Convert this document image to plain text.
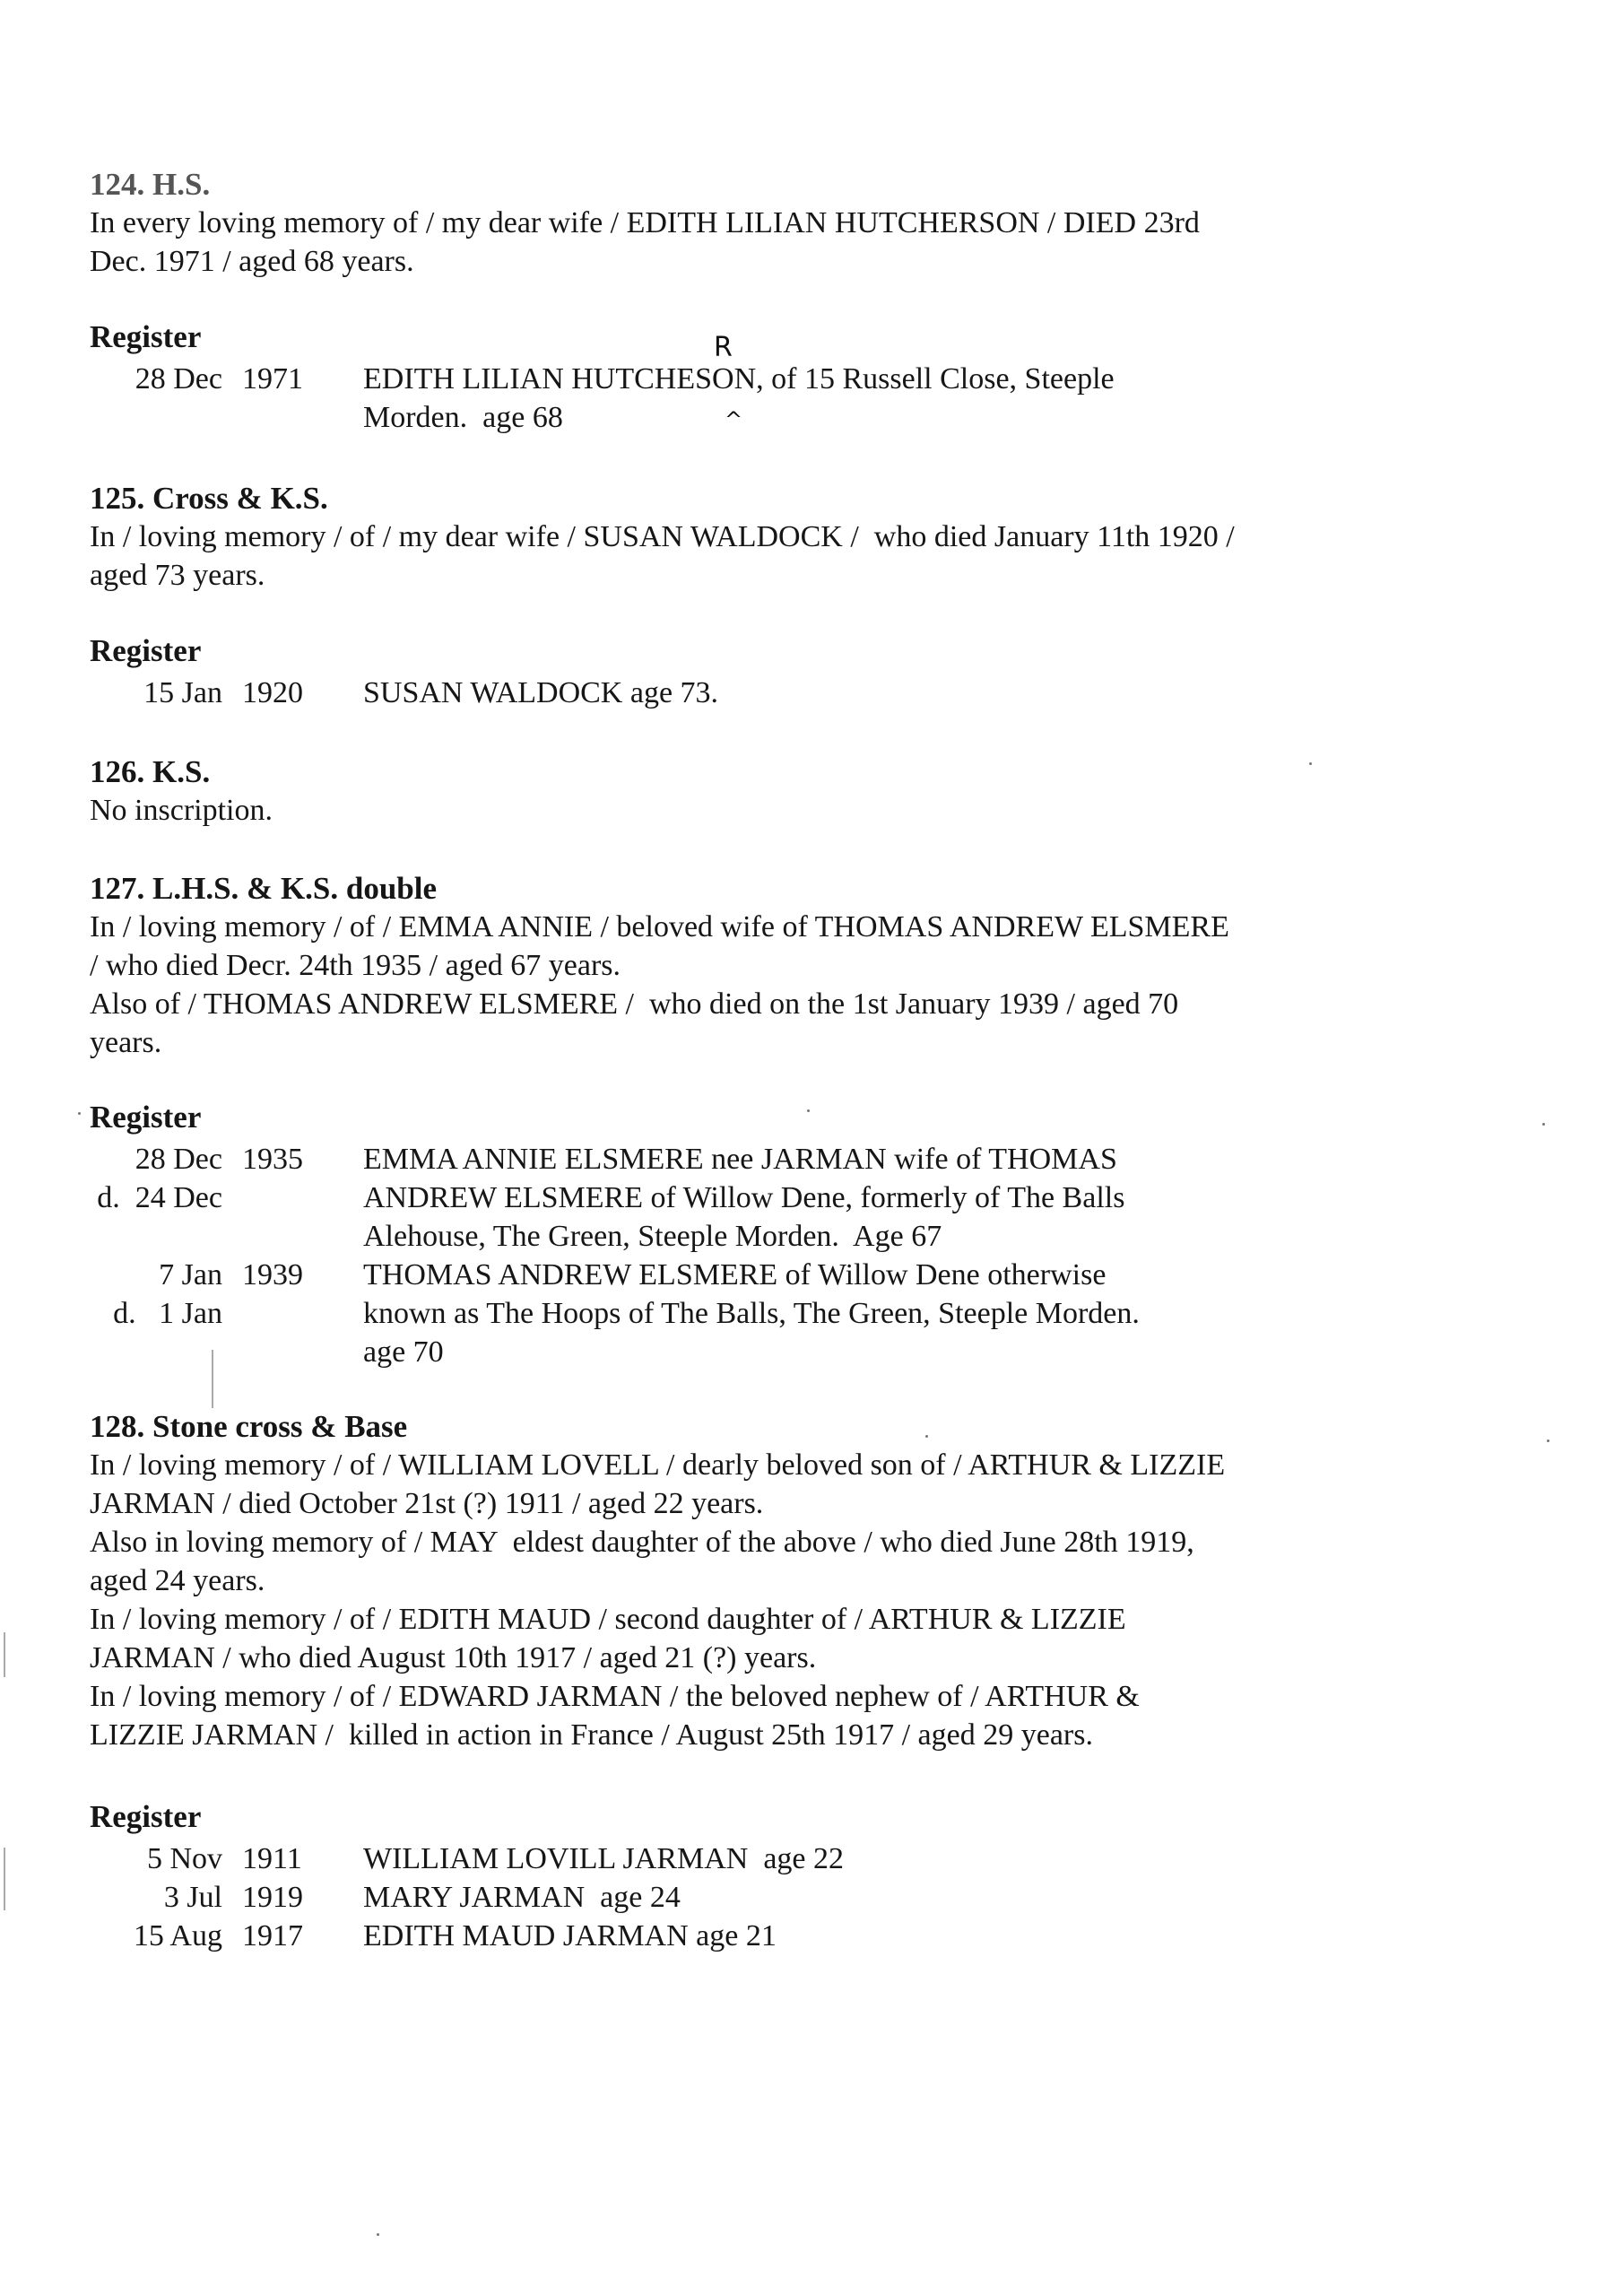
124. H.S.

In every loving memory of / my dear wife / EDITH LILIAN HUTCHERSON / DIED 23rd

Dec. 1971 / aged 68 years.

Register

28 Dec 1971	EDITH LILIAN HUTCHESON, of 15 Russell Close, Steeple
Morden.  age 68
R
^

125. Cross & K.S.

In / loving memory / of / my dear wife / SUSAN WALDOCK /  who died January 11th 1920 /

aged 73 years.

Register

15 Jan 1920	SUSAN WALDOCK age 73.

126. K.S.

No inscription.

127. L.H.S. & K.S. double

In / loving memory / of / EMMA ANNIE / beloved wife of THOMAS ANDREW ELSMERE

/ who died Decr. 24th 1935 / aged 67 years.

Also of / THOMAS ANDREW ELSMERE /  who died on the 1st January 1939 / aged 70

years.

Register

28 Dec 1935	EMMA ANNIE ELSMERE nee JARMAN wife of THOMAS
d.  24 Dec	ANDREW ELSMERE of Willow Dene, formerly of The Balls
Alehouse, The Green, Steeple Morden.  Age 67
7 Jan 1939	THOMAS ANDREW ELSMERE of Willow Dene otherwise
d.   1 Jan	known as The Hoops of The Balls, The Green, Steeple Morden.
age 70

128. Stone cross & Base

In / loving memory / of / WILLIAM LOVELL / dearly beloved son of / ARTHUR & LIZZIE

JARMAN / died October 21st (?) 1911 / aged 22 years.

Also in loving memory of / MAY  eldest daughter of the above / who died June 28th 1919,

aged 24 years.

In / loving memory / of / EDITH MAUD / second daughter of / ARTHUR & LIZZIE

JARMAN / who died August 10th 1917 / aged 21 (?) years.

In / loving memory / of / EDWARD JARMAN / the beloved nephew of / ARTHUR &

LIZZIE JARMAN /  killed in action in France / August 25th 1917 / aged 29 years.

Register

5 Nov 1911	WILLIAM LOVILL JARMAN  age 22
3 Jul 1919	MARY JARMAN  age 24
15 Aug 1917	EDITH MAUD JARMAN age 21
